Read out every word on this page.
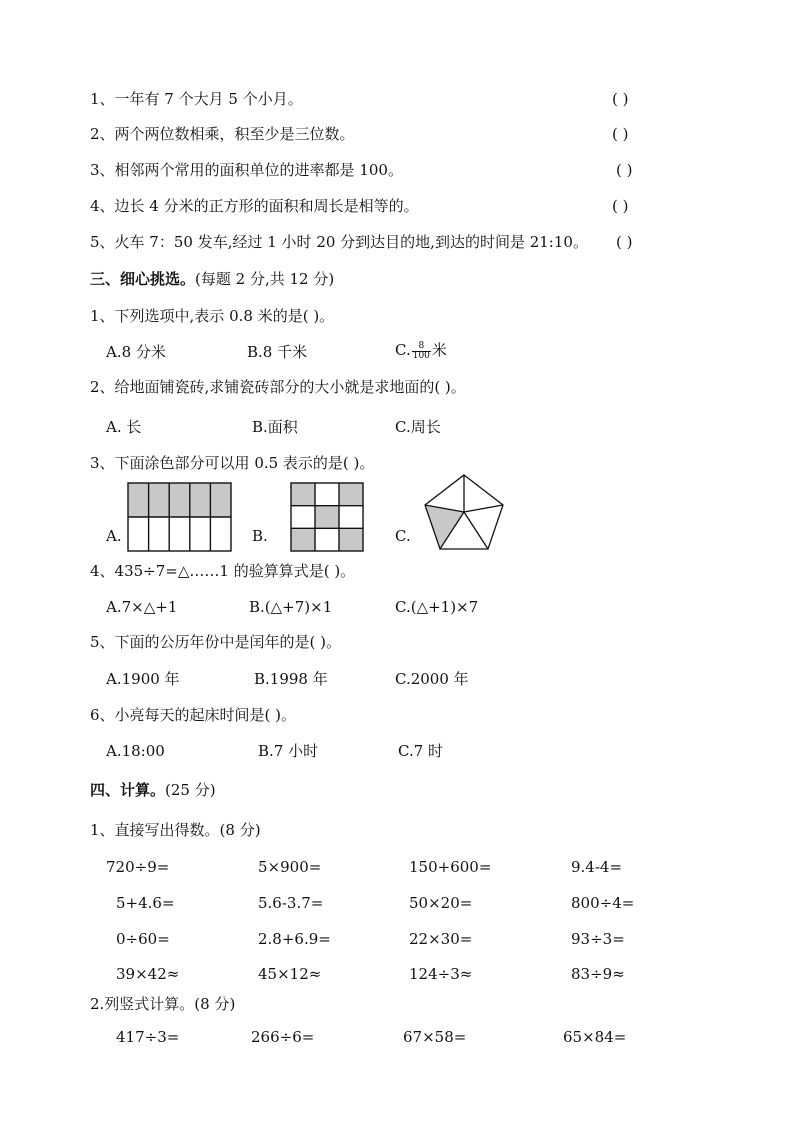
1、一年有 7 个大月 5 个小月。	( )
2、两个两位数相乘，积至少是三位数。	( )
3、相邻两个常用的面积单位的进率都是 100。	( )
4、边长 4 分米的正方形的面积和周长是相等的。	( )
5、火车 7：50 发车,经过 1 小时 20 分到达目的地,到达的时间是 21:10。 ( )
三、细心挑选。(每题 2 分,共 12 分)
1、下列选项中,表示 0.8 米的是( )。
A.8 分米	B.8 千米	C. $\frac{8}{100}$ 米
2、给地面铺瓷砖,求铺瓷砖部分的大小就是求地面的( )。
A. 长	B.面积	C.周长
3、下面涂色部分可以用 0.5 表示的是( )。
A.	B.	C.
4、435÷7=△……1 的验算算式是( )。
A.7×△+1	B.(△+7)×1	C.(△+1)×7
5、下面的公历年份中是闰年的是( )。
A.1900 年	B.1998 年	C.2000 年
6、小亮每天的起床时间是( )。
A.18:00	B.7 小时	C.7 时
四、计算。(25 分)
1、直接写出得数。(8 分)
720÷9=	5×900=	150+600=	9.4-4=
5+4.6=	5.6-3.7=	50×20=	800÷4=
0÷60=	2.8+6.9=	22×30=	93÷3=
39×42≈	45×12≈	124÷3≈	83÷9≈
2.列竖式计算。(8 分)
417÷3=	266÷6=	67×58=	65×84=
